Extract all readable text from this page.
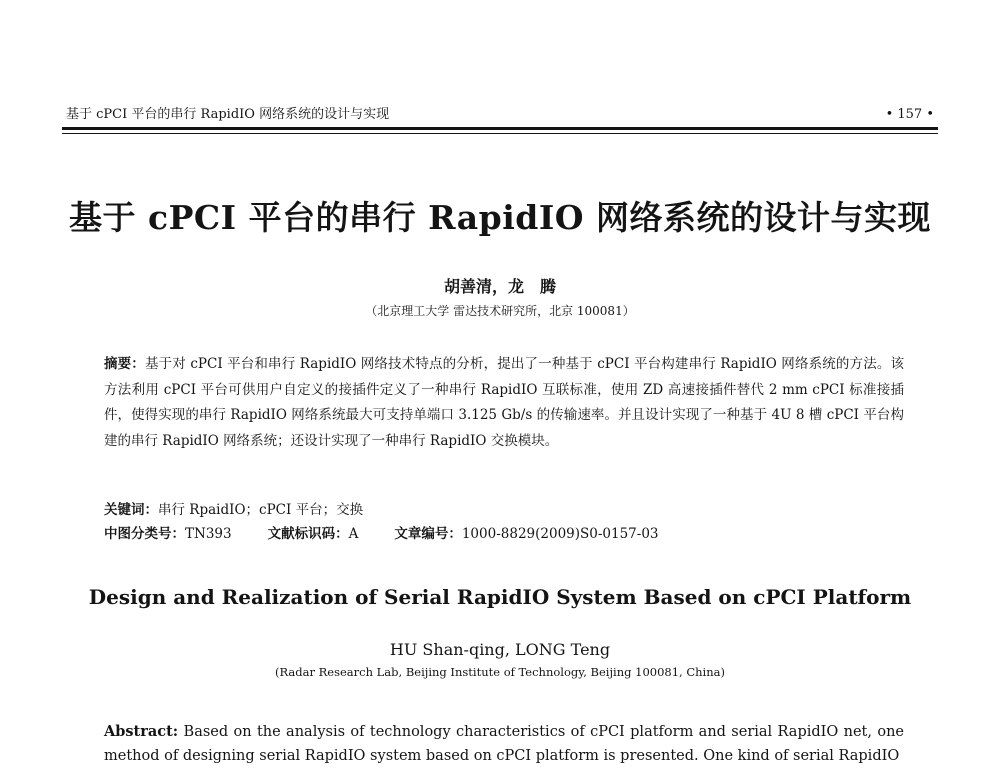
基于 cPCI 平台的串行 RapidIO 网络系统的设计与实现	• 157 •
基于 cPCI 平台的串行 RapidIO 网络系统的设计与实现
胡善清，龙　腾
（北京理工大学 雷达技术研究所，北京 100081）
摘要：基于对 cPCI 平台和串行 RapidIO 网络技术特点的分析，提出了一种基于 cPCI 平台构建串行 RapidIO 网络系统的方法。该方法利用 cPCI 平台可供用户自定义的接插件定义了一种串行 RapidIO 互联标准，使用 ZD 高速接插件替代 2 mm cPCI 标准接插件，使得实现的串行 RapidIO 网络系统最大可支持单端口 3.125 Gb/s 的传输速率。并且设计实现了一种基于 4U 8 槽 cPCI 平台构建的串行 RapidIO 网络系统；还设计实现了一种串行 RapidIO 交换模块。
关键词：串行 RpaidIO；cPCI 平台；交换
中图分类号：TN393	文献标识码：A	文章编号：1000-8829(2009)S0-0157-03
Design and Realization of Serial RapidIO System Based on cPCI Platform
HU Shan-qing, LONG Teng
(Radar Research Lab, Beijing Institute of Technology, Beijing 100081, China)
Abstract: Based on the analysis of technology characteristics of cPCI platform and serial RapidIO net, one method of designing serial RapidIO system based on cPCI platform is presented. One kind of serial RapidIO
